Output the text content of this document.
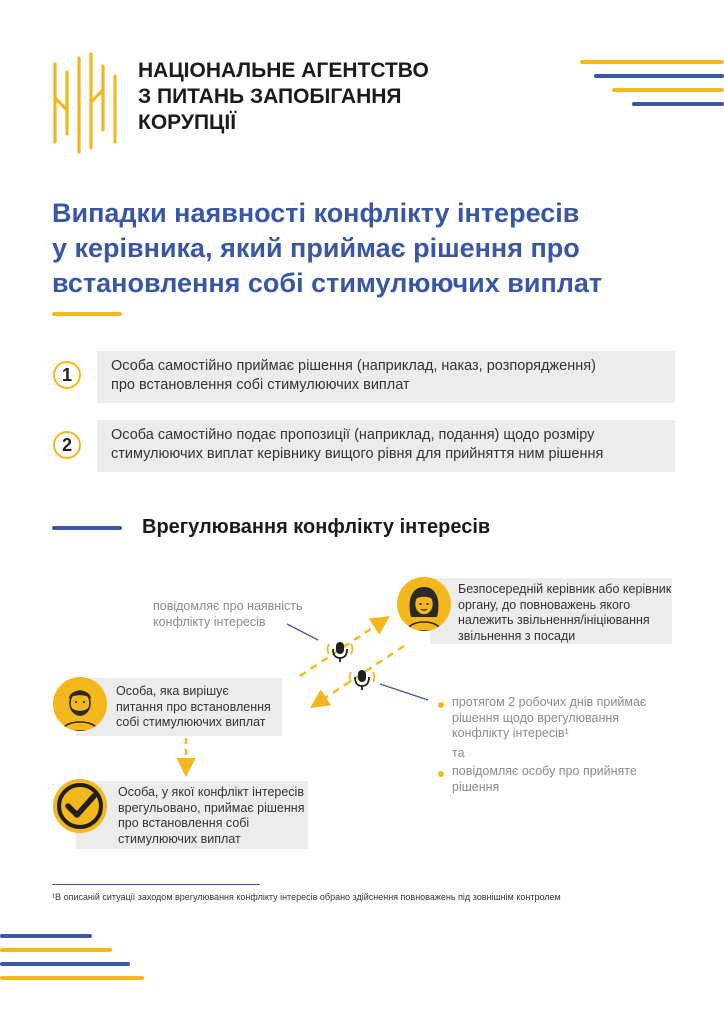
НАЦІОНАЛЬНЕ АГЕНТСТВО
З ПИТАНЬ ЗАПОБІГАННЯ
КОРУПЦІЇ
Випадки наявності конфлікту інтересів
у керівника, який приймає рішення про
встановлення собі стимулюючих виплат
1	Особа самостійно приймає рішення (наприклад, наказ, розпорядження)
про встановлення собі стимулюючих виплат
2	Особа самостійно подає пропозиції (наприклад, подання) щодо розміру
стимулюючих виплат керівнику вищого рівня для прийняття ним рішення
Врегулювання конфлікту інтересів
повідомляє про наявність
конфлікту інтересів
Безпосередній керівник або керівник
органу, до повноважень якого
належить звільнення/ініціювання
звільнення з посади
Особа, яка вирішує
питання про встановлення
собі стимулюючих виплат
Особа, у якої конфлікт інтересів
врегульовано, приймає рішення
про встановлення собі
стимулюючих виплат
протягом 2 робочих днів приймає
рішення щодо врегулювання
конфлікту інтересів¹
та
повідомляє особу про прийняте
рішення
¹В описаній ситуації заходом врегулювання конфлікту інтересів обрано здійснення повноважень під зовнішнім контролем
